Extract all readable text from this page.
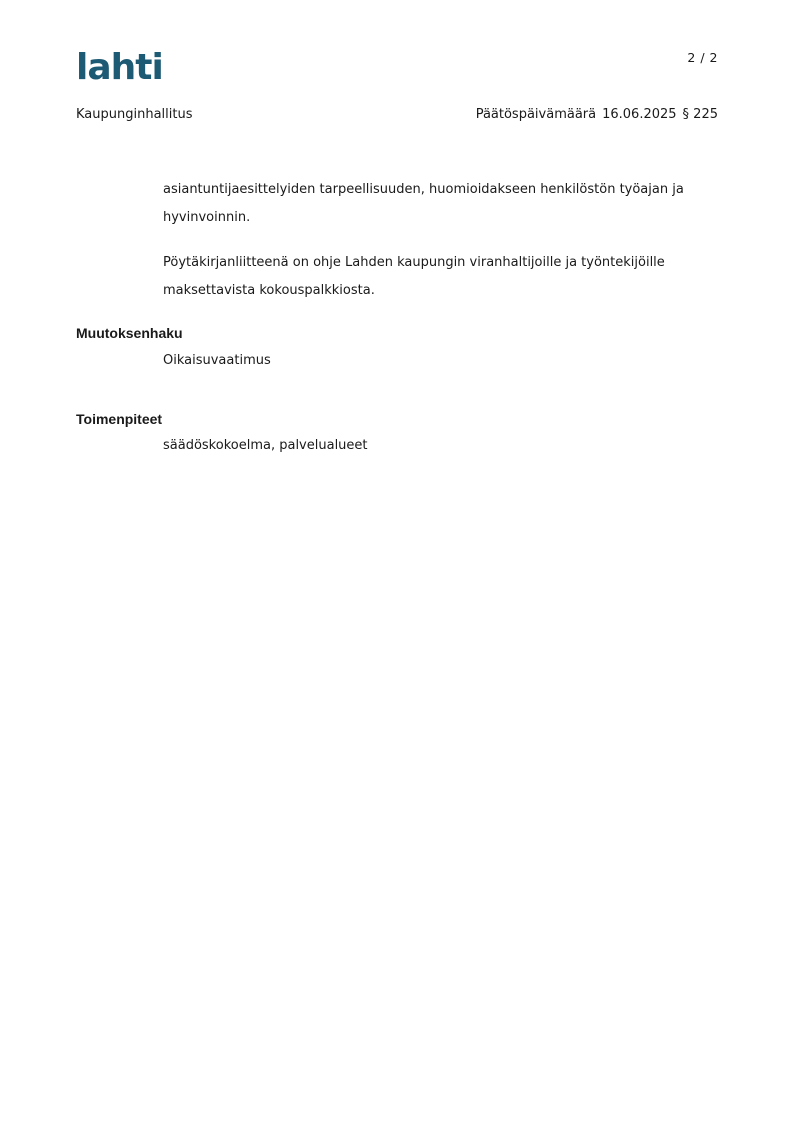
lahti	2 / 2
Kaupunginhallitus	Päätöspäivämäärä 16.06.2025 § 225

asiantuntijaesittelyiden tarpeellisuuden, huomioidakseen henkilöstön työajan ja hyvinvoinnin.

Pöytäkirjanliitteenä on ohje Lahden kaupungin viranhaltijoille ja työntekijöille maksettavista kokouspalkkiosta.

Muutoksenhaku

Oikaisuvaatimus

Toimenpiteet

säädöskokoelma, palvelualueet
